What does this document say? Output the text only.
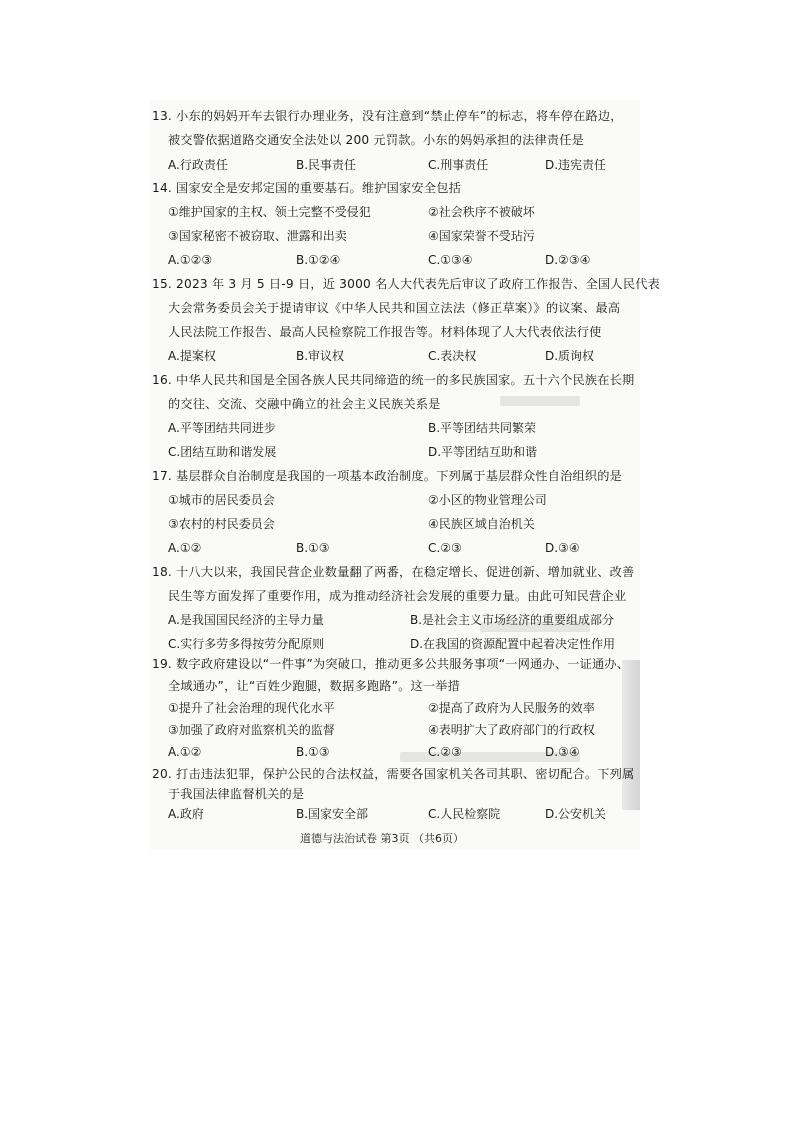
13. 小东的妈妈开车去银行办理业务，没有注意到“禁止停车”的标志，将车停在路边，
被交警依据道路交通安全法处以 200 元罚款。小东的妈妈承担的法律责任是
A.行政责任	B.民事责任	C.刑事责任	D.违宪责任
14. 国家安全是安邦定国的重要基石。维护国家安全包括
①维护国家的主权、领土完整不受侵犯	②社会秩序不被破坏
③国家秘密不被窃取、泄露和出卖	④国家荣誉不受玷污
A.①②③	B.①②④	C.①③④	D.②③④
15. 2023 年 3 月 5 日-9 日，近 3000 名人大代表先后审议了政府工作报告、全国人民代表
大会常务委员会关于提请审议《中华人民共和国立法法（修正草案）》的议案、最高
人民法院工作报告、最高人民检察院工作报告等。材料体现了人大代表依法行使
A.提案权	B.审议权	C.表决权	D.质询权
16. 中华人民共和国是全国各族人民共同缔造的统一的多民族国家。五十六个民族在长期
的交往、交流、交融中确立的社会主义民族关系是
A.平等团结共同进步	B.平等团结共同繁荣
C.团结互助和谐发展	D.平等团结互助和谐
17. 基层群众自治制度是我国的一项基本政治制度。下列属于基层群众性自治组织的是
①城市的居民委员会	②小区的物业管理公司
③农村的村民委员会	④民族区域自治机关
A.①②	B.①③	C.②③	D.③④
18. 十八大以来，我国民营企业数量翻了两番，在稳定增长、促进创新、增加就业、改善
民生等方面发挥了重要作用，成为推动经济社会发展的重要力量。由此可知民营企业
A.是我国国民经济的主导力量	B.是社会主义市场经济的重要组成部分
C.实行多劳多得按劳分配原则	D.在我国的资源配置中起着决定性作用
19. 数字政府建设以“一件事”为突破口，推动更多公共服务事项“一网通办、一证通办、
全域通办”，让“百姓少跑腿，数据多跑路”。这一举措
①提升了社会治理的现代化水平	②提高了政府为人民服务的效率
③加强了政府对监察机关的监督	④表明扩大了政府部门的行政权
A.①②	B.①③	C.②③	D.③④
20. 打击违法犯罪，保护公民的合法权益，需要各国家机关各司其职、密切配合。下列属
于我国法律监督机关的是
A.政府	B.国家安全部	C.人民检察院	D.公安机关
道德与法治试卷 第3页 （共6页）
